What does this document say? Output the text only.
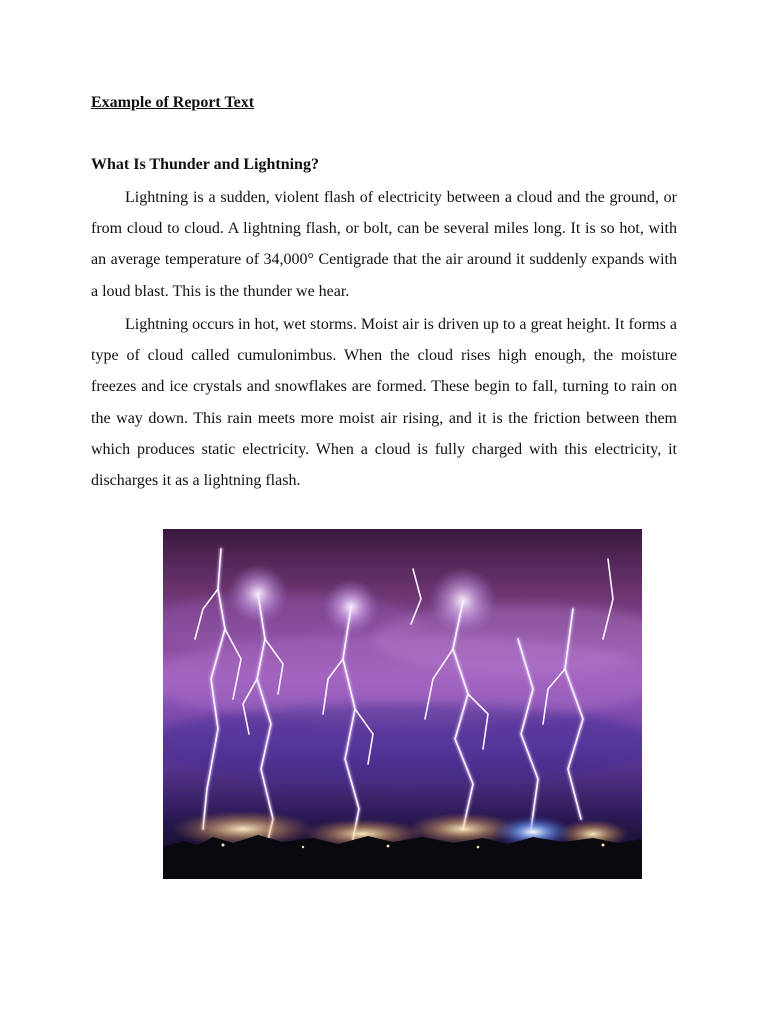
Example of Report Text
What Is Thunder and Lightning?

Lightning is a sudden, violent flash of electricity between a cloud and the ground, or from cloud to cloud. A lightning flash, or bolt, can be several miles long. It is so hot, with an average temperature of 34,000° Centigrade that the air around it suddenly expands with a loud blast. This is the thunder we hear.

Lightning occurs in hot, wet storms. Moist air is driven up to a great height. It forms a type of cloud called cumulonimbus. When the cloud rises high enough, the moisture freezes and ice crystals and snowflakes are formed. These begin to fall, turning to rain on the way down. This rain meets more moist air rising, and it is the friction between them which produces static electricity. When a cloud is fully charged with this electricity, it discharges it as a lightning flash.
